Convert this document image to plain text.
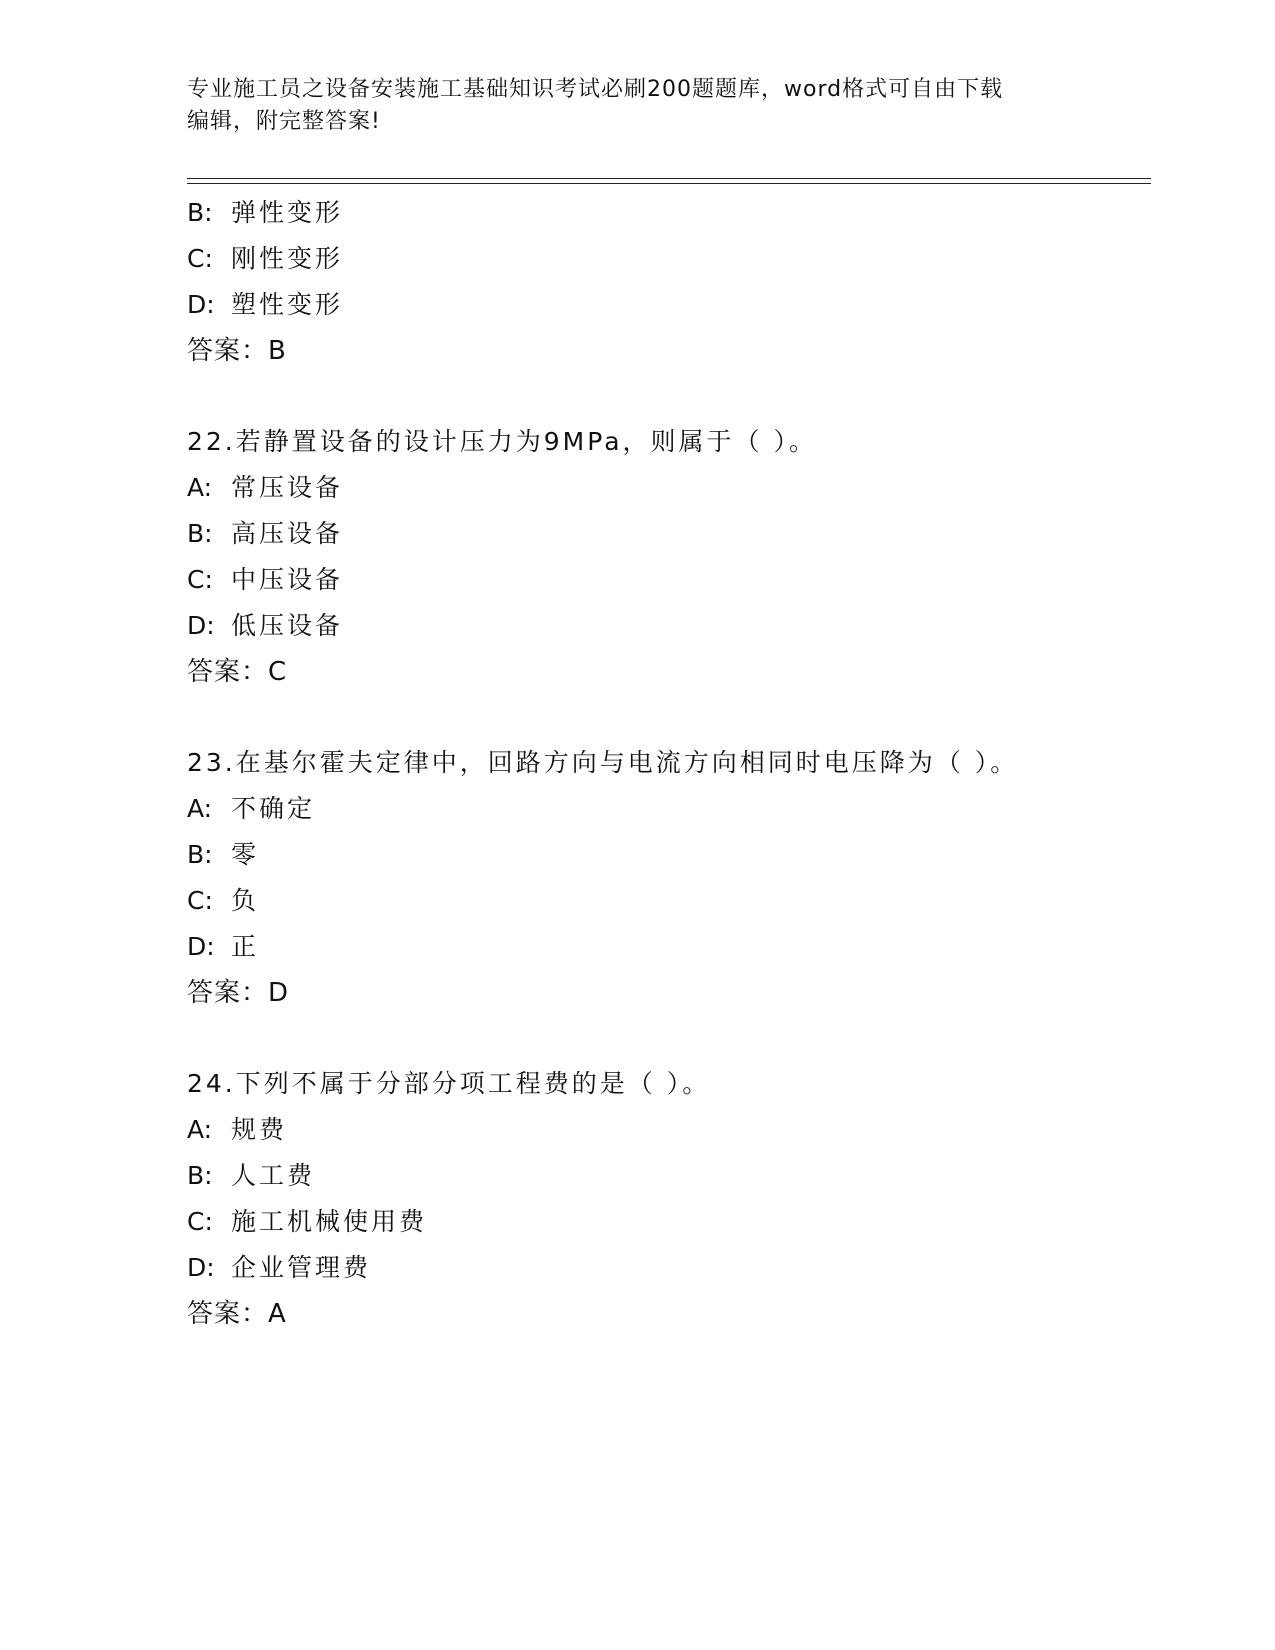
专业施工员之设备安装施工基础知识考试必刷200题题库，word格式可自由下载
编辑，附完整答案!
B: 弹性变形
C: 刚性变形
D: 塑性变形
答案：B
22.若静置设备的设计压力为9MPa，则属于（ ）。
A: 常压设备
B: 高压设备
C: 中压设备
D: 低压设备
答案：C
23.在基尔霍夫定律中，回路方向与电流方向相同时电压降为（ ）。
A: 不确定
B: 零
C: 负
D: 正
答案：D
24.下列不属于分部分项工程费的是（ ）。
A: 规费
B: 人工费
C: 施工机械使用费
D: 企业管理费
答案：A
